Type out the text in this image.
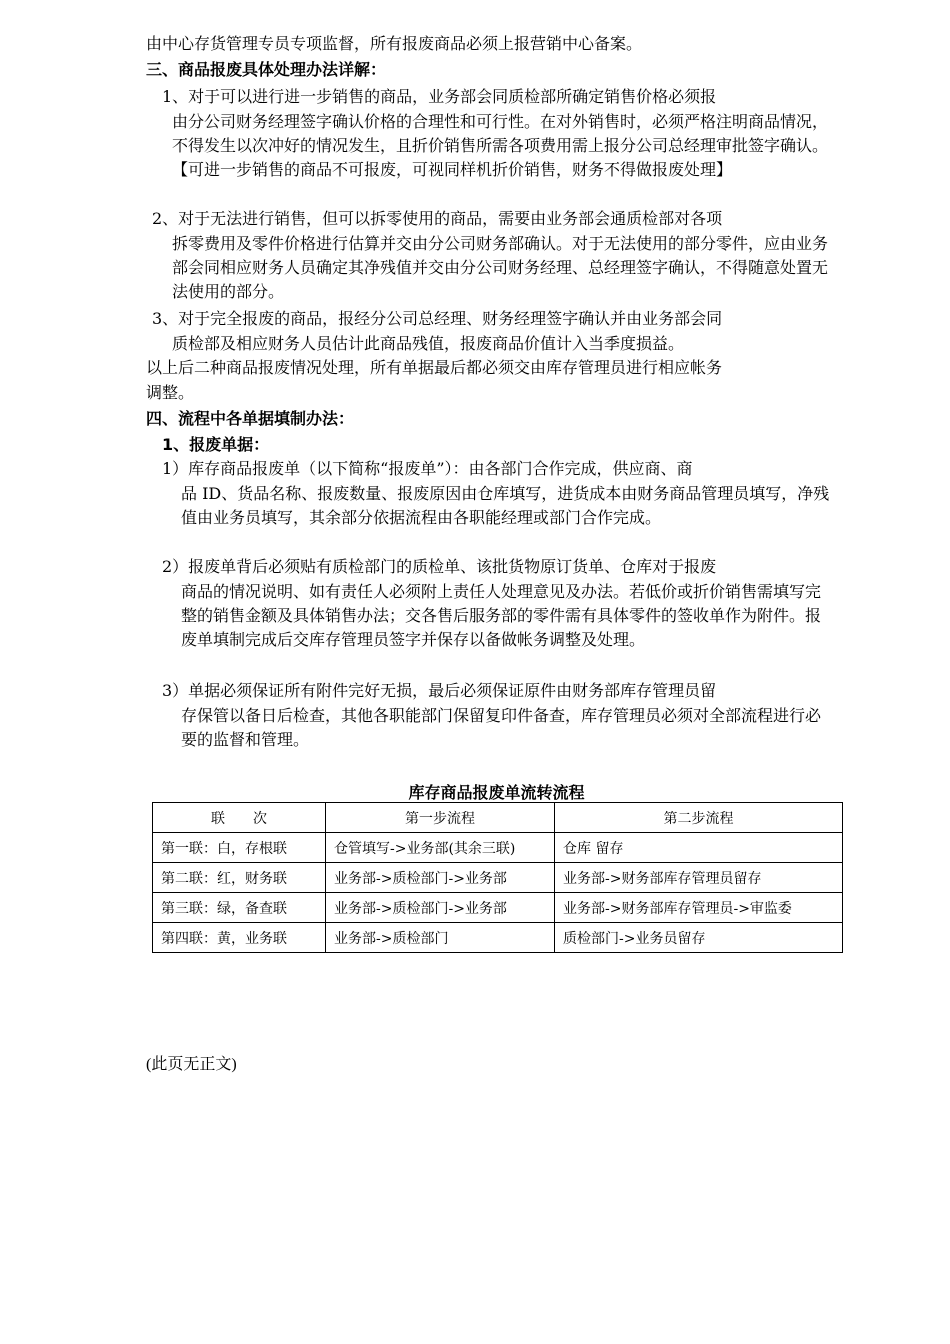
由中心存货管理专员专项监督，所有报废商品必须上报营销中心备案。
三、商品报废具体处理办法详解：
1、对于可以进行进一步销售的商品，业务部会同质检部所确定销售价格必须报
由分公司财务经理签字确认价格的合理性和可行性。在对外销售时，必须严格注明商品情况，不得发生以次冲好的情况发生，且折价销售所需各项费用需上报分公司总经理审批签字确认。【可进一步销售的商品不可报废，可视同样机折价销售，财务不得做报废处理】
2、对于无法进行销售，但可以拆零使用的商品，需要由业务部会通质检部对各项
拆零费用及零件价格进行估算并交由分公司财务部确认。对于无法使用的部分零件，应由业务部会同相应财务人员确定其净残值并交由分公司财务经理、总经理签字确认，不得随意处置无法使用的部分。
3、对于完全报废的商品，报经分公司总经理、财务经理签字确认并由业务部会同
质检部及相应财务人员估计此商品残值，报废商品价值计入当季度损益。
以上后二种商品报废情况处理，所有单据最后都必须交由库存管理员进行相应帐务
调整。
四、流程中各单据填制办法：
1、报废单据：
1）库存商品报废单（以下简称“报废单”）：由各部门合作完成，供应商、商
品 ID、货品名称、报废数量、报废原因由仓库填写，进货成本由财务商品管理员填写，净残值由业务员填写，其余部分依据流程由各职能经理或部门合作完成。
2）报废单背后必须贴有质检部门的质检单、该批货物原订货单、仓库对于报废
商品的情况说明、如有责任人必须附上责任人处理意见及办法。若低价或折价销售需填写完整的销售金额及具体销售办法；交各售后服务部的零件需有具体零件的签收单作为附件。报废单填制完成后交库存管理员签字并保存以备做帐务调整及处理。
3）单据必须保证所有附件完好无损，最后必须保证原件由财务部库存管理员留
存保管以备日后检查，其他各职能部门保留复印件备查，库存管理员必须对全部流程进行必要的监督和管理。
库存商品报废单流转流程
联　　次	第一步流程	第二步流程
第一联：白，存根联	仓管填写->业务部(其余三联)	仓库 留存
第二联：红，财务联	业务部->质检部门->业务部	业务部->财务部库存管理员留存
第三联：绿，备查联	业务部->质检部门->业务部	业务部->财务部库存管理员->审监委
第四联：黄，业务联	业务部->质检部门	质检部门->业务员留存
(此页无正文)
